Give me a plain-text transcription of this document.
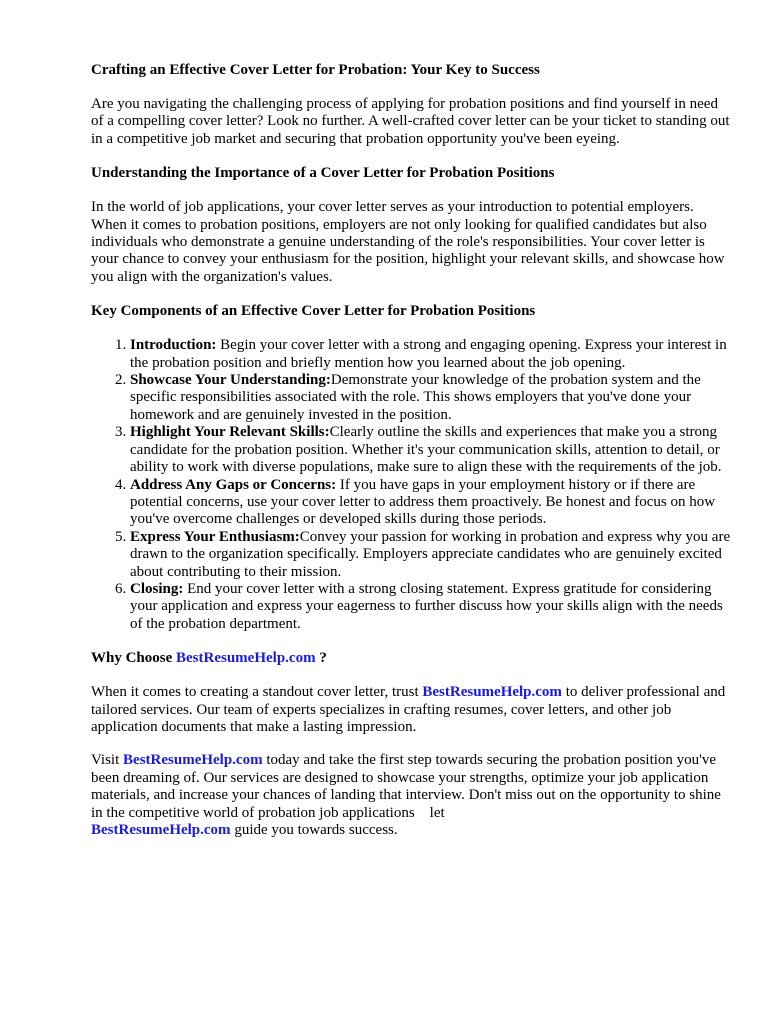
Crafting an Effective Cover Letter for Probation: Your Key to Success

Are you navigating the challenging process of applying for probation positions and find yourself in need of a compelling cover letter? Look no further. A well-crafted cover letter can be your ticket to standing out in a competitive job market and securing that probation opportunity you've been eyeing.

Understanding the Importance of a Cover Letter for Probation Positions

In the world of job applications, your cover letter serves as your introduction to potential employers. When it comes to probation positions, employers are not only looking for qualified candidates but also individuals who demonstrate a genuine understanding of the role's responsibilities. Your cover letter is your chance to convey your enthusiasm for the position, highlight your relevant skills, and showcase how you align with the organization's values.

Key Components of an Effective Cover Letter for Probation Positions
1. Introduction: Begin your cover letter with a strong and engaging opening. Express your interest in the probation position and briefly mention how you learned about the job opening.
2. Showcase Your Understanding:Demonstrate your knowledge of the probation system and the specific responsibilities associated with the role. This shows employers that you've done your homework and are genuinely invested in the position.
3. Highlight Your Relevant Skills:Clearly outline the skills and experiences that make you a strong candidate for the probation position. Whether it's your communication skills, attention to detail, or ability to work with diverse populations, make sure to align these with the requirements of the job.
4. Address Any Gaps or Concerns: If you have gaps in your employment history or if there are potential concerns, use your cover letter to address them proactively. Be honest and focus on how you've overcome challenges or developed skills during those periods.
5. Express Your Enthusiasm:Convey your passion for working in probation and express why you are drawn to the organization specifically. Employers appreciate candidates who are genuinely excited about contributing to their mission.
6. Closing: End your cover letter with a strong closing statement. Express gratitude for considering your application and express your eagerness to further discuss how your skills align with the needs of the probation department.
Why Choose BestResumeHelp.com ?

When it comes to creating a standout cover letter, trust BestResumeHelp.com to deliver professional and tailored services. Our team of experts specializes in crafting resumes, cover letters, and other job application documents that make a lasting impression.

Visit BestResumeHelp.com today and take the first step towards securing the probation position you've been dreaming of. Our services are designed to showcase your strengths, optimize your job application materials, and increase your chances of landing that interview. Don't miss out on the opportunity to shine in the competitive world of probation job applications    let
BestResumeHelp.com guide you towards success.
